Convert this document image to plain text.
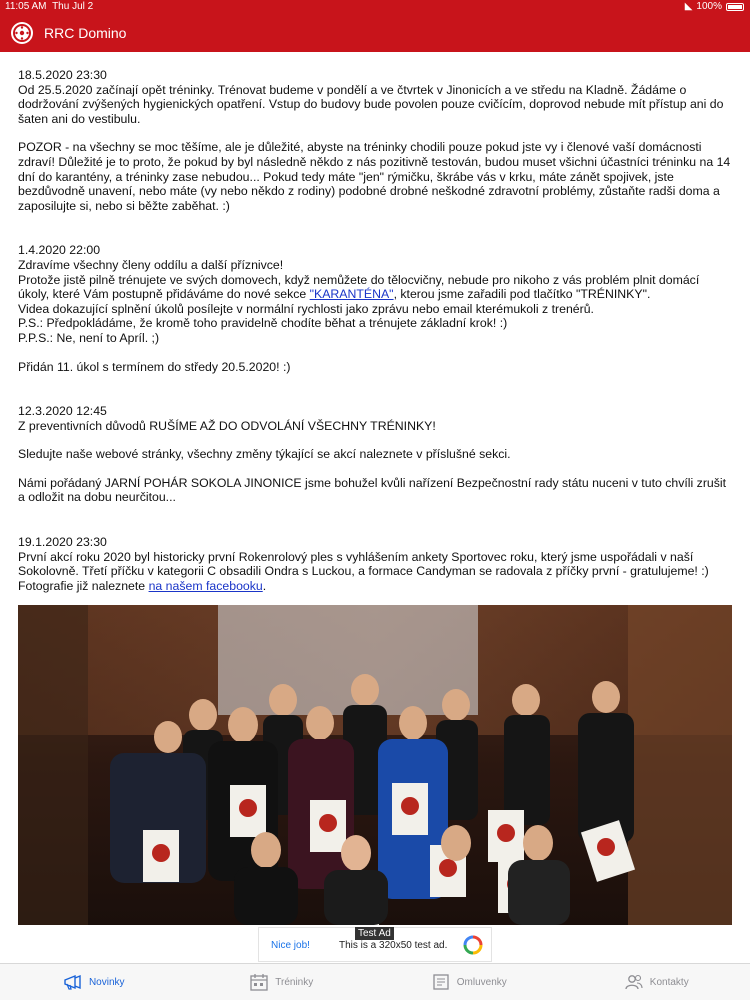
11:05 AM Thu Jul 2	◣ 100%
RRC Domino

18.5.2020 23:30

Od 25.5.2020 začínají opět tréninky. Trénovat budeme v pondělí a ve čtvrtek v Jinonicích a ve středu na Kladně. Žádáme o dodržování zvýšených hygienických opatření. Vstup do budovy bude povolen pouze cvičícím, doprovod nebude mít přístup ani do šaten ani do vestibulu.

POZOR - na všechny se moc těšíme, ale je důležité, abyste na tréninky chodili pouze pokud jste vy i členové vaší domácnosti zdraví! Důležité je to proto, že pokud by byl následně někdo z nás pozitivně testován, budou muset všichni účastníci tréninku na 14 dní do karantény, a tréninky zase nebudou... Pokud tedy máte "jen" rýmičku, škrábe vás v krku, máte zánět spojivek, jste bezdůvodně unavení, nebo máte (vy nebo někdo z rodiny) podobné drobné neškodné zdravotní problémy, zůstaňte radši doma a zaposilujte si, nebo si běžte zaběhat. :)

1.4.2020 22:00

Zdravíme všechny členy oddílu a další příznivce!

Protože jistě pilně trénujete ve svých domovech, když nemůžete do tělocvičny, nebude pro nikoho z vás problém plnit domácí úkoly, které Vám postupně přidáváme do nové sekce "KARANTÉNA", kterou jsme zařadili pod tlačítko "TRÉNINKY".

Videa dokazující splnění úkolů posílejte v normální rychlosti jako zprávu nebo email kterémukoli z trenérů.

P.S.: Předpokládáme, že kromě toho pravidelně chodíte běhat a trénujete základní krok! :)

P.P.S.: Ne, není to Apríl. ;)

Přidán 11. úkol s termínem do středy 20.5.2020! :)

12.3.2020 12:45

Z preventivních důvodů RUŠÍME AŽ DO ODVOLÁNÍ VŠECHNY TRÉNINKY!

Sledujte naše webové stránky, všechny změny týkající se akcí naleznete v příslušné sekci.

Námi pořádaný JARNÍ POHÁR SOKOLA JINONICE jsme bohužel kvůli nařízení Bezpečnostní rady státu nuceni v tuto chvíli zrušit a odložit na dobu neurčitou...

19.1.2020 23:30

První akcí roku 2020 byl historicky první Rokenrolový ples s vyhlášením ankety Sportovec roku, který jsme uspořádali v naší Sokolovně. Třetí příčku v kategorii C obsadili Ondra s Luckou, a formace Candyman se radovala z příčky první - gratulujeme! :) Fotografie již naleznete na našem facebooku.

Test Ad
Nice job!	This is a 320x50 test ad.
Novinky	Tréninky	Omluvenky	Kontakty
